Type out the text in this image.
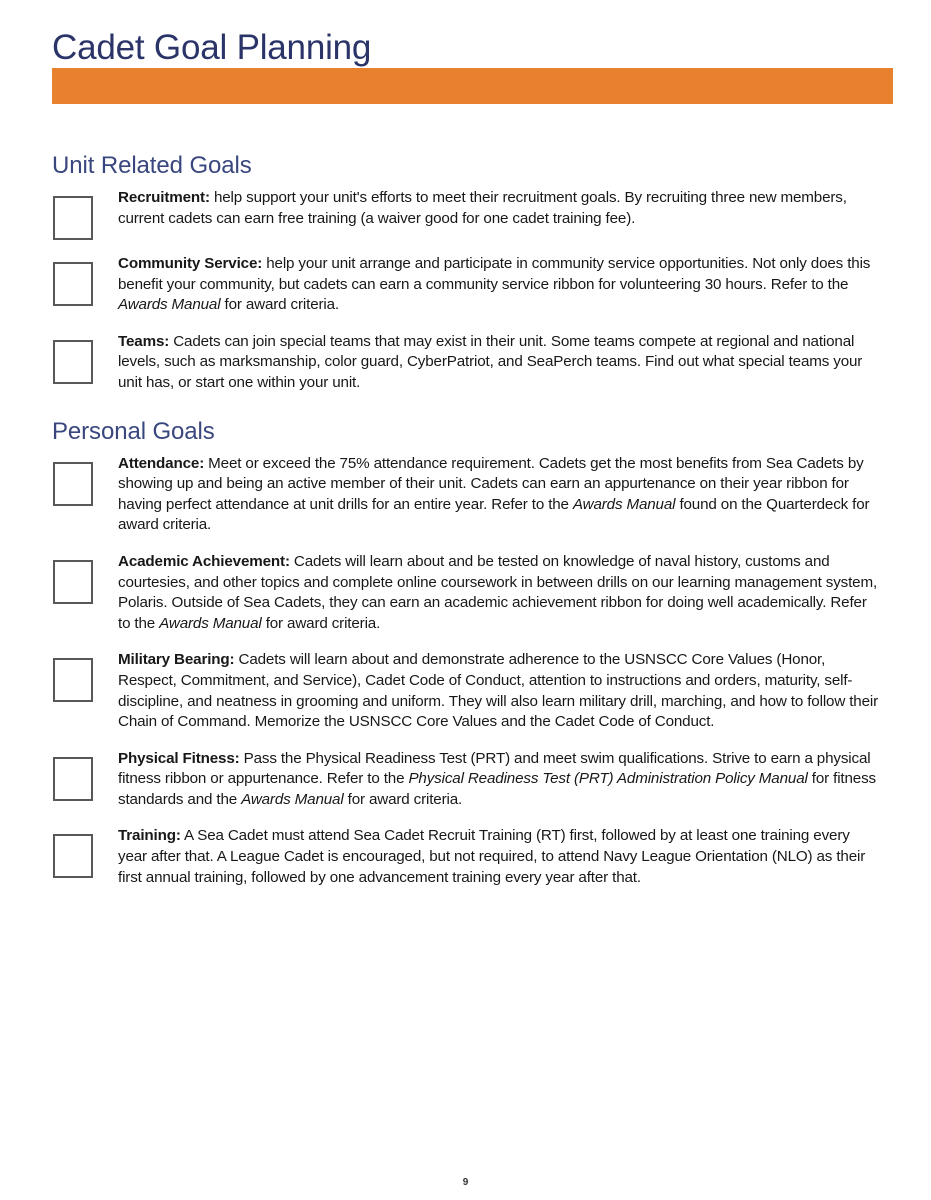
Cadet Goal Planning
Unit Related Goals
Recruitment: help support your unit's efforts to meet their recruitment goals. By recruiting three new members, current cadets can earn free training (a waiver good for one cadet training fee).
Community Service: help your unit arrange and participate in community service opportunities. Not only does this benefit your community, but cadets can earn a community service ribbon for volunteering 30 hours. Refer to the Awards Manual for award criteria.
Teams: Cadets can join special teams that may exist in their unit. Some teams compete at regional and national levels, such as marksmanship, color guard, CyberPatriot, and SeaPerch teams. Find out what special teams your unit has, or start one within your unit.
Personal Goals
Attendance: Meet or exceed the 75% attendance requirement. Cadets get the most benefits from Sea Cadets by showing up and being an active member of their unit. Cadets can earn an appurtenance on their year ribbon for having perfect attendance at unit drills for an entire year. Refer to the Awards Manual found on the Quarterdeck for award criteria.
Academic Achievement: Cadets will learn about and be tested on knowledge of naval history, customs and courtesies, and other topics and complete online coursework in between drills on our learning management system, Polaris. Outside of Sea Cadets, they can earn an academic achievement ribbon for doing well academically. Refer to the Awards Manual for award criteria.
Military Bearing: Cadets will learn about and demonstrate adherence to the USNSCC Core Values (Honor, Respect, Commitment, and Service), Cadet Code of Conduct, attention to instructions and orders, maturity, self-discipline, and neatness in grooming and uniform. They will also learn military drill, marching, and how to follow their Chain of Command. Memorize the USNSCC Core Values and the Cadet Code of Conduct.
Physical Fitness: Pass the Physical Readiness Test (PRT) and meet swim qualifications. Strive to earn a physical fitness ribbon or appurtenance. Refer to the Physical Readiness Test (PRT) Administration Policy Manual for fitness standards and the Awards Manual for award criteria.
Training: A Sea Cadet must attend Sea Cadet Recruit Training (RT) first, followed by at least one training every year after that. A League Cadet is encouraged, but not required, to attend Navy League Orientation (NLO) as their first annual training, followed by one advancement training every year after that.
9
